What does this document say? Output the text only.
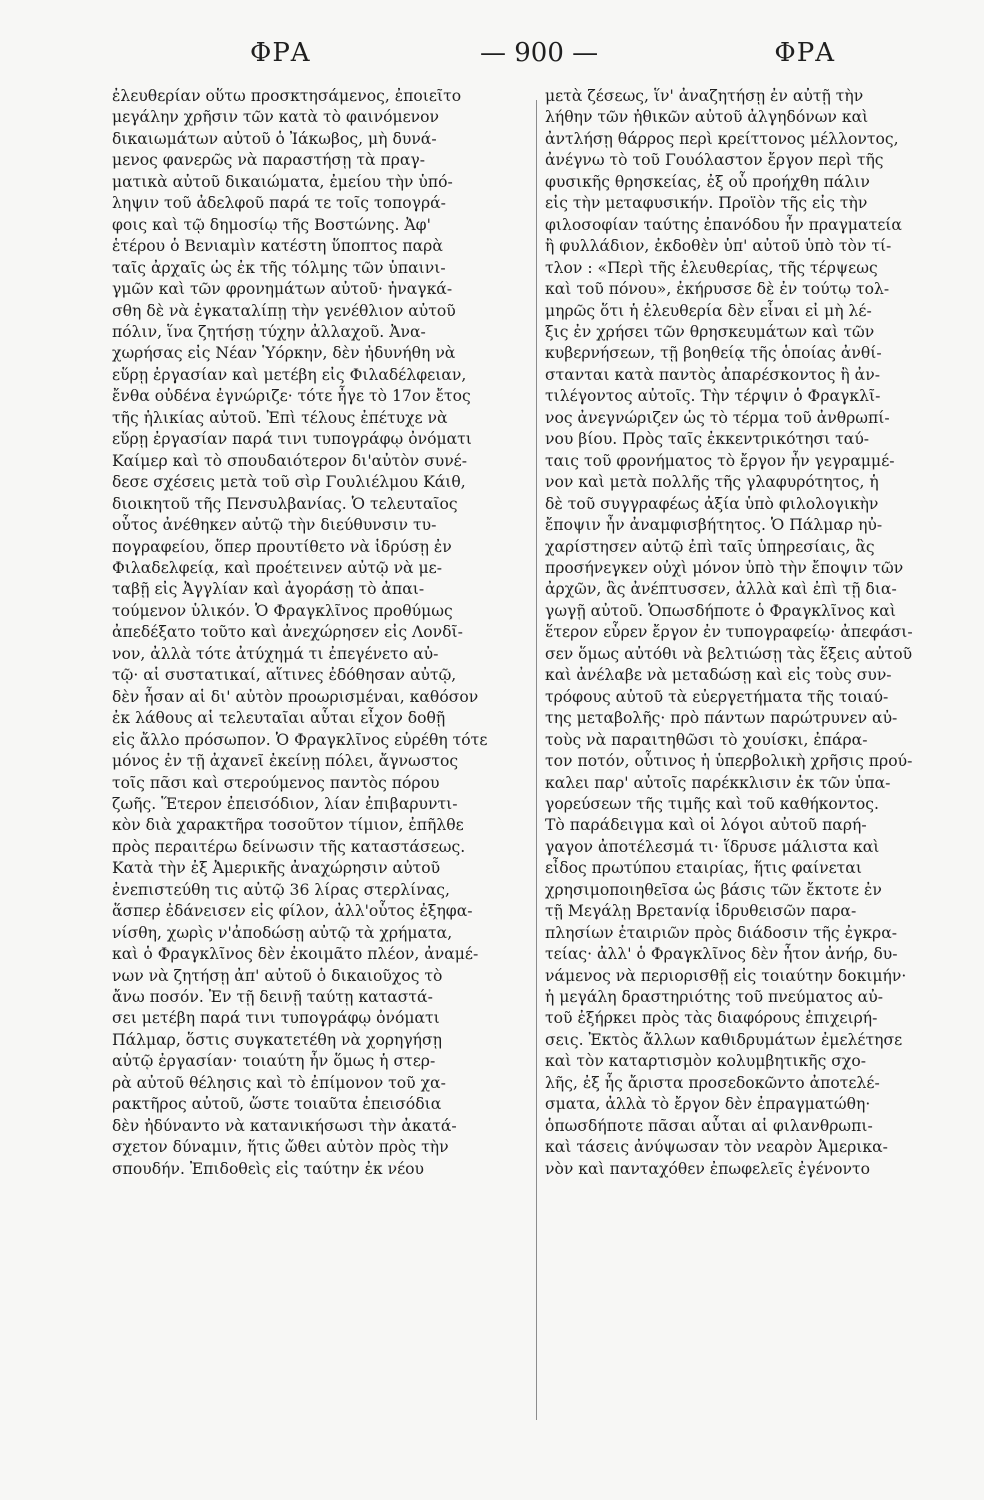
ΦΡΑ	— 900 —	ΦΡΑ
ἐλευθερίαν οὕτω προσκτησάμενος, ἐποιεῖτο
μεγάλην χρῆσιν τῶν κατὰ τὸ φαινόμενον
δικαιωμάτων αὐτοῦ ὁ Ἰάκωβος, μὴ δυνά-
μενος φανερῶς νὰ παραστήσῃ τὰ πραγ-
ματικὰ αὐτοῦ δικαιώματα, ἐμείου τὴν ὑπό-
ληψιν τοῦ ἀδελφοῦ παρά τε τοῖς τοπογρά-
φοις καὶ τῷ δημοσίῳ τῆς Βοστώνης. Ἀφ'
ἑτέρου ὁ Βενιαμὶν κατέστη ὕποπτος παρὰ
ταῖς ἀρχαῖς ὡς ἐκ τῆς τόλμης τῶν ὑπαινι-
γμῶν καὶ τῶν φρονημάτων αὐτοῦ· ἠναγκά-
σθη δὲ νὰ ἐγκαταλίπῃ τὴν γενέθλιον αὐτοῦ
πόλιν, ἵνα ζητήσῃ τύχην ἀλλαχοῦ. Ἀνα-
χωρήσας εἰς Νέαν Ὑόρκην, δὲν ἠδυνήθη νὰ
εὕρῃ ἐργασίαν καὶ μετέβη εἰς Φιλαδέλφειαν,
ἔνθα οὐδένα ἐγνώριζε· τότε ἦγε τὸ 17ον ἔτος
τῆς ἡλικίας αὐτοῦ. Ἐπὶ τέλους ἐπέτυχε νὰ
εὕρῃ ἐργασίαν παρά τινι τυπογράφῳ ὀνόματι
Καίμερ καὶ τὸ σπουδαιότερον δι'αὐτὸν συνέ-
δεσε σχέσεις μετὰ τοῦ σὶρ Γουλιέλμου Κάιθ,
διοικητοῦ τῆς Πενσυλβανίας. Ὁ τελευταῖος
οὗτος ἀνέθηκεν αὐτῷ τὴν διεύθυνσιν τυ-
πογραφείου, ὅπερ προυτίθετο νὰ ἱδρύσῃ ἐν
Φιλαδελφείᾳ, καὶ προέτεινεν αὐτῷ νὰ με-
ταβῇ εἰς Ἀγγλίαν καὶ ἀγοράσῃ τὸ ἀπαι-
τούμενον ὑλικόν. Ὁ Φραγκλῖνος προθύμως
ἀπεδέξατο τοῦτο καὶ ἀνεχώρησεν εἰς Λονδῖ-
νον, ἀλλὰ τότε ἀτύχημά τι ἐπεγένετο αὐ-
τῷ· αἱ συστατικαί, αἵτινες ἐδόθησαν αὐτῷ,
δὲν ἦσαν αἱ δι' αὐτὸν προωρισμέναι, καθόσον
ἐκ λάθους αἱ τελευταῖαι αὗται εἶχον δοθῇ
εἰς ἄλλο πρόσωπον. Ὁ Φραγκλῖνος εὑρέθη τότε
μόνος ἐν τῇ ἀχανεῖ ἐκείνῃ πόλει, ἄγνωστος
τοῖς πᾶσι καὶ στερούμενος παντὸς πόρου
ζωῆς. Ἕτερον ἐπεισόδιον, λίαν ἐπιβαρυντι-
κὸν διὰ χαρακτῆρα τοσοῦτον τίμιον, ἐπῆλθε
πρὸς περαιτέρω δείνωσιν τῆς καταστάσεως.
Κατὰ τὴν ἐξ Ἀμερικῆς ἀναχώρησιν αὐτοῦ
ἐνεπιστεύθη τις αὐτῷ 36 λίρας στερλίνας,
ἅσπερ ἐδάνεισεν εἰς φίλον, ἀλλ'οὗτος ἐξηφα-
νίσθη, χωρὶς ν'ἀποδώσῃ αὐτῷ τὰ χρήματα,
καὶ ὁ Φραγκλῖνος δὲν ἐκοιμᾶτο πλέον, ἀναμέ-
νων νὰ ζητήσῃ ἀπ' αὐτοῦ ὁ δικαιοῦχος τὸ
ἄνω ποσόν. Ἐν τῇ δεινῇ ταύτῃ καταστά-
σει μετέβη παρά τινι τυπογράφῳ ὀνόματι
Πάλμαρ, ὅστις συγκατετέθη νὰ χορηγήσῃ
αὐτῷ ἐργασίαν· τοιαύτη ἦν ὅμως ἡ στερ-
ρὰ αὐτοῦ θέλησις καὶ τὸ ἐπίμονον τοῦ χα-
ρακτῆρος αὐτοῦ, ὥστε τοιαῦτα ἐπεισόδια
δὲν ἠδύναντο νὰ κατανικήσωσι τὴν ἀκατά-
σχετον δύναμιν, ἥτις ὤθει αὐτὸν πρὸς τὴν
σπουδήν. Ἐπιδοθεὶς εἰς ταύτην ἐκ νέου
μετὰ ζέσεως, ἵν' ἀναζητήσῃ ἐν αὐτῇ τὴν
λήθην τῶν ἠθικῶν αὐτοῦ ἀλγηδόνων καὶ
ἀντλήσῃ θάρρος περὶ κρείττονος μέλλοντος,
ἀνέγνω τὸ τοῦ Γουόλαστον ἔργον περὶ τῆς
φυσικῆς θρησκείας, ἐξ οὗ προήχθη πάλιν
εἰς τὴν μεταφυσικήν. Προϊὸν τῆς εἰς τὴν
φιλοσοφίαν ταύτης ἐπανόδου ἦν πραγματεία
ἢ φυλλάδιον, ἐκδοθὲν ὑπ' αὐτοῦ ὑπὸ τὸν τί-
τλον : «Περὶ τῆς ἐλευθερίας, τῆς τέρψεως
καὶ τοῦ πόνου», ἐκήρυσσε δὲ ἐν τούτῳ τολ-
μηρῶς ὅτι ἡ ἐλευθερία δὲν εἶναι εἰ μὴ λέ-
ξις ἐν χρήσει τῶν θρησκευμάτων καὶ τῶν
κυβερνήσεων, τῇ βοηθείᾳ τῆς ὁποίας ἀνθί-
στανται κατὰ παντὸς ἀπαρέσκοντος ἢ ἀν-
τιλέγοντος αὐτοῖς. Τὴν τέρψιν ὁ Φραγκλῖ-
νος ἀνεγνώριζεν ὡς τὸ τέρμα τοῦ ἀνθρωπί-
νου βίου. Πρὸς ταῖς ἐκκεντρικότησι ταύ-
ταις τοῦ φρονήματος τὸ ἔργον ἦν γεγραμμέ-
νον καὶ μετὰ πολλῆς τῆς γλαφυρότητος, ἡ
δὲ τοῦ συγγραφέως ἀξία ὑπὸ φιλολογικὴν
ἔποψιν ἦν ἀναμφισβήτητος. Ὁ Πάλμαρ ηὐ-
χαρίστησεν αὐτῷ ἐπὶ ταῖς ὑπηρεσίαις, ἃς
προσήνεγκεν οὐχὶ μόνον ὑπὸ τὴν ἔποψιν τῶν
ἀρχῶν, ἃς ἀνέπτυσσεν, ἀλλὰ καὶ ἐπὶ τῇ δια-
γωγῇ αὐτοῦ. Ὁπωσδήποτε ὁ Φραγκλῖνος καὶ
ἕτερον εὗρεν ἔργον ἐν τυπογραφείῳ· ἀπεφάσι-
σεν ὅμως αὐτόθι νὰ βελτιώσῃ τὰς ἕξεις αὐτοῦ
καὶ ἀνέλαβε νὰ μεταδώσῃ καὶ εἰς τοὺς συν-
τρόφους αὐτοῦ τὰ εὐεργετήματα τῆς τοιαύ-
της μεταβολῆς· πρὸ πάντων παρώτρυνεν αὐ-
τοὺς νὰ παραιτηθῶσι τὸ χουίσκι, ἐπάρα-
τον ποτόν, οὗτινος ἡ ὑπερβολικὴ χρῆσις πρού-
καλει παρ' αὐτοῖς παρέκκλισιν ἐκ τῶν ὑπα-
γορεύσεων τῆς τιμῆς καὶ τοῦ καθήκοντος.
Τὸ παράδειγμα καὶ οἱ λόγοι αὐτοῦ παρή-
γαγον ἀποτέλεσμά τι· ἵδρυσε μάλιστα καὶ
εἶδος πρωτύπου εταιρίας, ἥτις φαίνεται
χρησιμοποιηθεῖσα ὡς βάσις τῶν ἔκτοτε ἐν
τῇ Μεγάλῃ Βρετανίᾳ ἱδρυθεισῶν παρα-
πλησίων ἑταιριῶν πρὸς διάδοσιν τῆς ἐγκρα-
τείας· ἀλλ' ὁ Φραγκλῖνος δὲν ἦτον ἀνήρ, δυ-
νάμενος νὰ περιορισθῇ εἰς τοιαύτην δοκιμήν·
ἡ μεγάλη δραστηριότης τοῦ πνεύματος αὐ-
τοῦ ἐξήρκει πρὸς τὰς διαφόρους ἐπιχειρή-
σεις. Ἐκτὸς ἄλλων καθιδρυμάτων ἐμελέτησε
καὶ τὸν καταρτισμὸν κολυμβητικῆς σχο-
λῆς, ἐξ ἧς ἄριστα προσεδοκῶντο ἀποτελέ-
σματα, ἀλλὰ τὸ ἔργον δὲν ἐπραγματώθη·
ὁπωσδήποτε πᾶσαι αὗται αἱ φιλανθρωπι-
καὶ τάσεις ἀνύψωσαν τὸν νεαρὸν Ἀμερικα-
νὸν καὶ πανταχόθεν ἐπωφελεῖς ἐγένοντο
